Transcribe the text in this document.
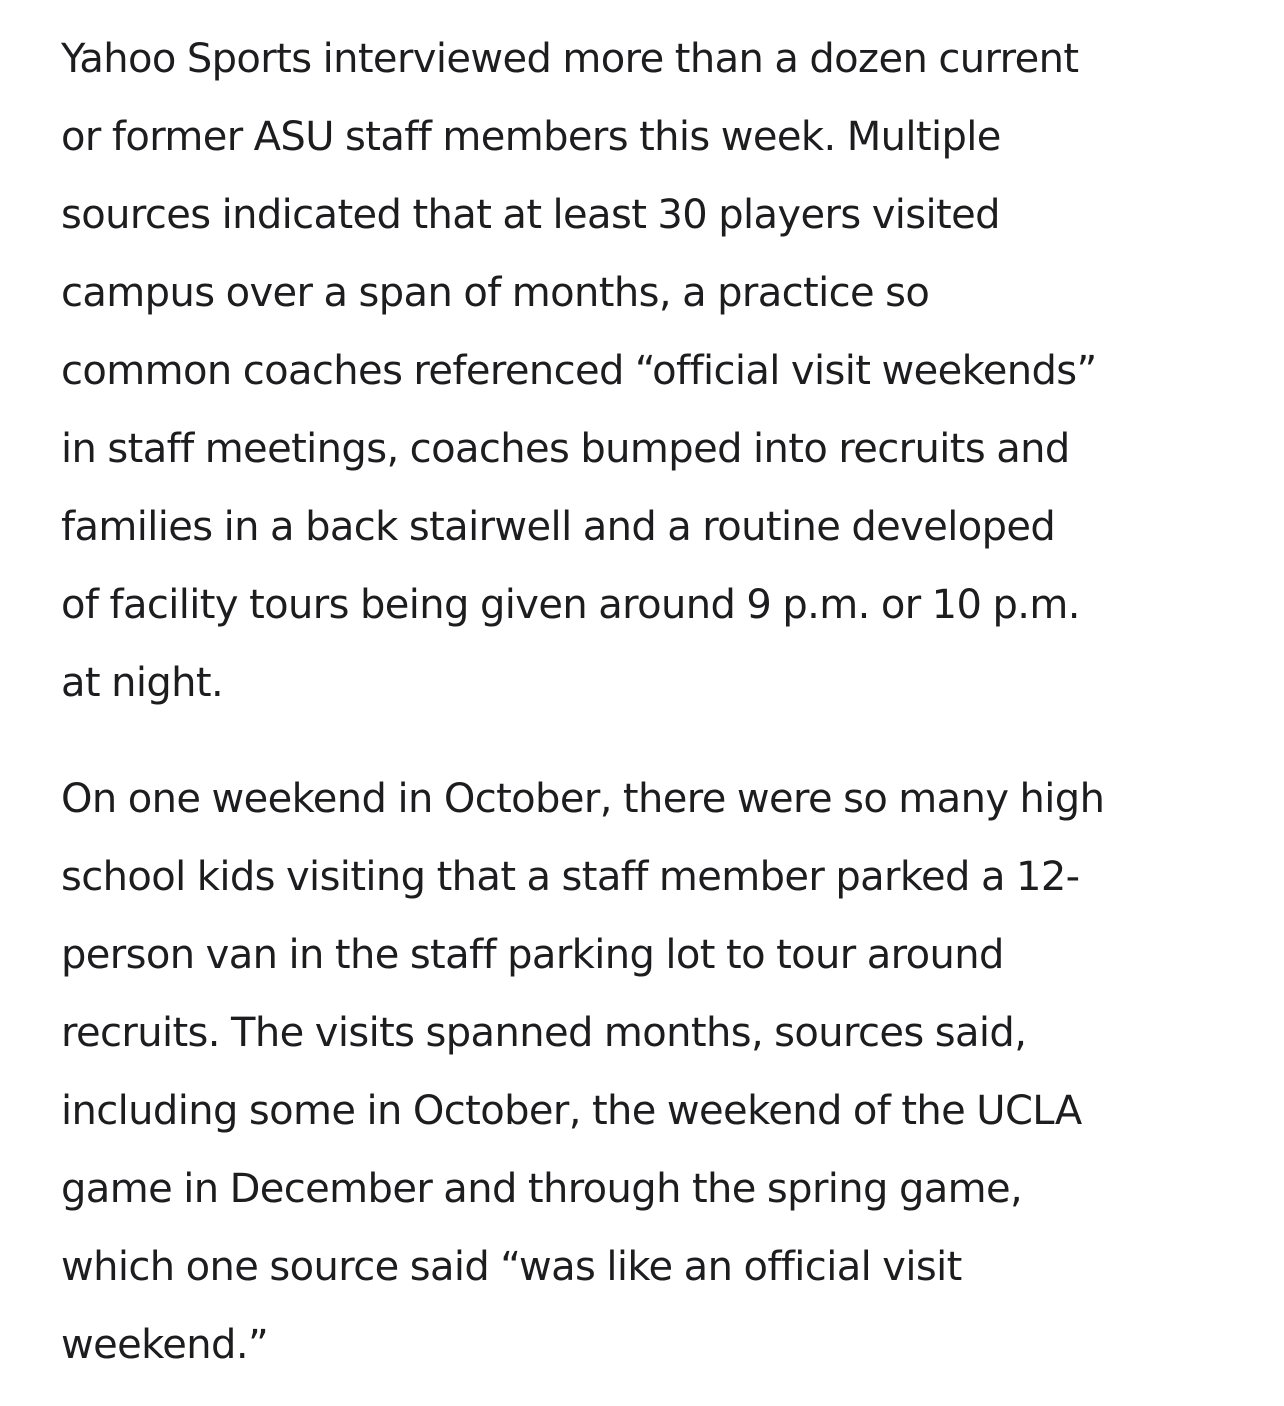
Yahoo Sports interviewed more than a dozen current
or former ASU staff members this week. Multiple
sources indicated that at least 30 players visited
campus over a span of months, a practice so
common coaches referenced “official visit weekends”
in staff meetings, coaches bumped into recruits and
families in a back stairwell and a routine developed
of facility tours being given around 9 p.m. or 10 p.m.
at night.

On one weekend in October, there were so many high
school kids visiting that a staff member parked a 12-
person van in the staff parking lot to tour around
recruits. The visits spanned months, sources said,
including some in October, the weekend of the UCLA
game in December and through the spring game,
which one source said “was like an official visit
weekend.”
